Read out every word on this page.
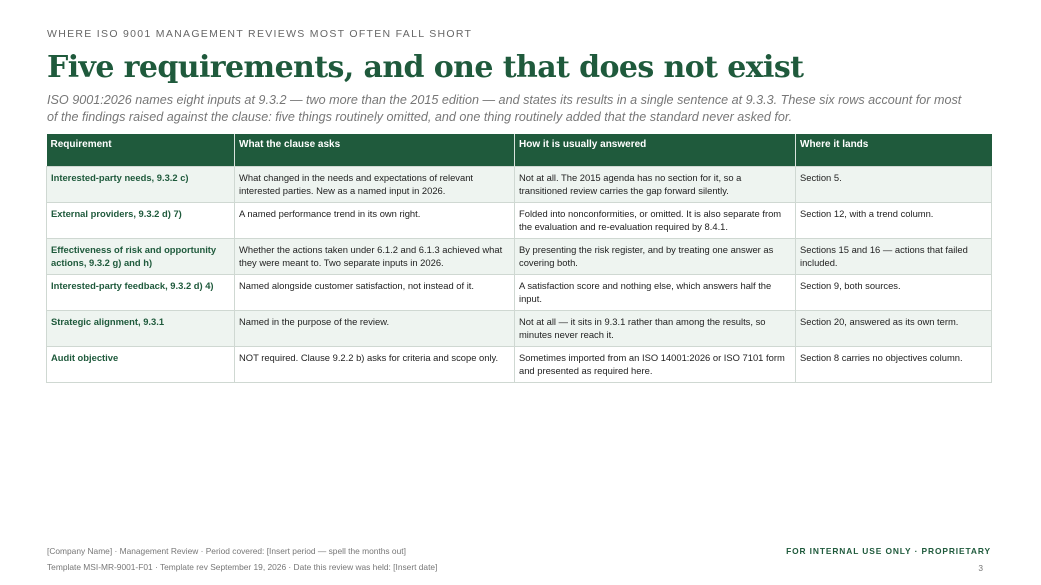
WHERE ISO 9001 MANAGEMENT REVIEWS MOST OFTEN FALL SHORT
Five requirements, and one that does not exist

ISO 9001:2026 names eight inputs at 9.3.2 — two more than the 2015 edition — and states its results in a single sentence at 9.3.3. These six rows account for most of the findings raised against the clause: five things routinely omitted, and one thing routinely added that the standard never asked for.

Requirement	What the clause asks	How it is usually answered	Where it lands
Interested-party needs, 9.3.2 c)	What changed in the needs and expectations of relevant interested parties. New as a named input in 2026.	Not at all. The 2015 agenda has no section for it, so a transitioned review carries the gap forward silently.	Section 5.
External providers, 9.3.2 d) 7)	A named performance trend in its own right.	Folded into nonconformities, or omitted. It is also separate from the evaluation and re-evaluation required by 8.4.1.	Section 12, with a trend column.
Effectiveness of risk and opportunity actions, 9.3.2 g) and h)	Whether the actions taken under 6.1.2 and 6.1.3 achieved what they were meant to. Two separate inputs in 2026.	By presenting the risk register, and by treating one answer as covering both.	Sections 15 and 16 — actions that failed included.
Interested-party feedback, 9.3.2 d) 4)	Named alongside customer satisfaction, not instead of it.	A satisfaction score and nothing else, which answers half the input.	Section 9, both sources.
Strategic alignment, 9.3.1	Named in the purpose of the review.	Not at all — it sits in 9.3.1 rather than among the results, so minutes never reach it.	Section 20, answered as its own term.
Audit objective	NOT required. Clause 9.2.2 b) asks for criteria and scope only.	Sometimes imported from an ISO 14001:2026 or ISO 7101 form and presented as required here.	Section 8 carries no objectives column.
[Company Name] · Management Review · Period covered: [Insert period — spell the months out]
Template MSI-MR-9001-F01 · Template rev September 19, 2026 · Date this review was held: [Insert date]
FOR INTERNAL USE ONLY · PROPRIETARY
3
